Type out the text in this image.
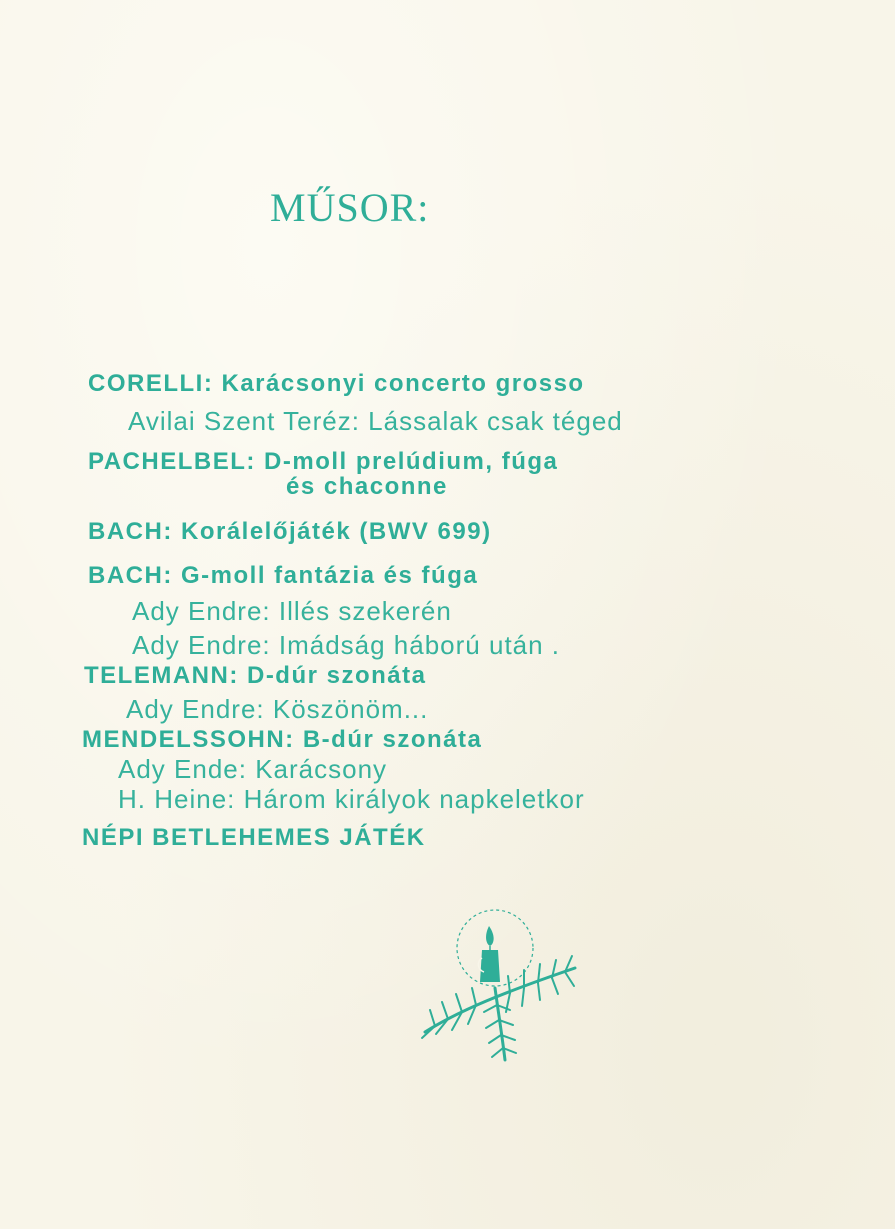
MŰSOR:
CORELLI: Karácsonyi concerto grosso
Avilai Szent Teréz: Lássalak csak téged
PACHELBEL: D-moll prelúdium, fúga
és chaconne
BACH: Korálelőjáték (BWV 699)
BACH: G-moll fantázia és fúga
Ady Endre: Illés szekerén
Ady Endre: Imádság háború után .
TELEMANN: D-dúr szonáta
Ady Endre: Köszönöm...
MENDELSSOHN: B-dúr szonáta
Ady Ende: Karácsony
H. Heine: Három királyok napkeletkor
NÉPI BETLEHEMES JÁTÉK
